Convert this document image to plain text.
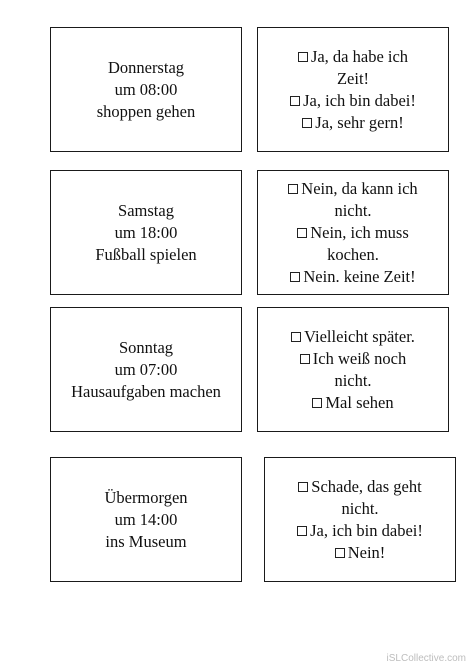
Donnerstag
um 08:00
shoppen gehen
Ja, da habe ich
Zeit!
Ja, ich bin dabei!
Ja, sehr gern!
Samstag
um 18:00
Fußball spielen
Nein, da kann ich
nicht.
Nein, ich muss
kochen.
Nein. keine Zeit!
Sonntag
um 07:00
Hausaufgaben machen
Vielleicht später.
Ich weiß noch
nicht.
Mal sehen
Übermorgen
um 14:00
ins Museum
Schade, das geht
nicht.
Ja, ich bin dabei!
Nein!
iSLCollective.com
